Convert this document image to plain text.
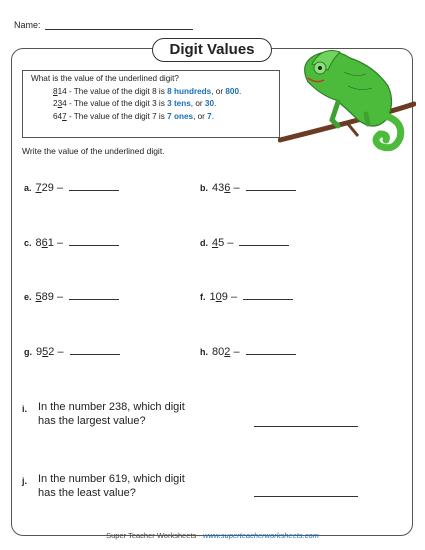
Name:
Digit Values
What is the value of the underlined digit?
814 - The value of the digit 8 is 8 hundreds, or 800.
234 - The value of the digit 3 is 3 tens, or 30.
647 - The value of the digit 7 is 7 ones, or 7.
Write the value of the underlined digit.
a. 729 –	b. 436 –
c. 861 –	d. 45 –
e. 589 –	f. 109 –
g. 952 –	h. 802 –
i. In the number 238, which digit
has the largest value?
j. In the number 619, which digit
has the least value?
Super Teacher Worksheets - www.superteacherworksheets.com
